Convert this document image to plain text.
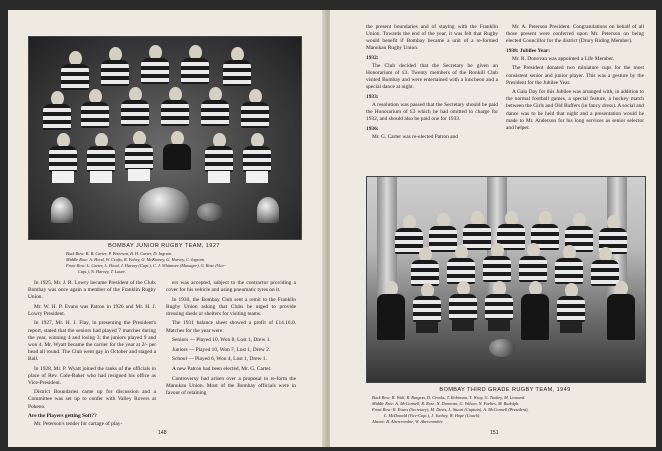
BOMBAY JUNIOR RUGBY TEAM, 1927
Back Row: B. B. Carter, P. Peterson, B. H. Carter, D. Ingram.
Middle Row: A. Hood, W. Crafts, R. Fahey, G. McKinney, G. Harvey, C. Ingram.
Front Row: L. Carter, L. Hood, J. Harvey (Capt.), C. J. Whitmore (Manager), G. Rose (Vice-
Capt.), N. Harvey, T. Lauer.

In 1925, Mr. J. R. Lowry became President of the Club. Bombay was once again a member of the Franklin Rugby Union.

Mr. W. H. P. Evans was Patron in 1926 and Mr. H. J. Lowry President.

In 1927, Mr. H. J. Flay, in presenting the President's report, stated that the seniors had played 7 matches during the year, winning 4 and losing 3; the juniors played 9 and won 4. Mr. Wyatt became the carrier for the year at 2/- per head all round. The Club went gay in October and staged a Ball.

In 1928, Mr. P. Wyatt joined the ranks of the officials in place of Rev. Cole-Baker who had resigned his office as Vice-President.

District Boundaries came up for discussion and a Committee was set up to confer with Valley Rovers at Pokeno.

Are the Players getting Soft??

Mr. Peterson's tender for cartage of play-

ers was accepted, subject to the contractor providing a cover for his vehicle and using pneumatic tyres on it.

In 1930, the Bombay Club sent a remit to the Franklin Rugby Union asking that Clubs be urged to provide dressing sheds or shelters for visiting teams.

The 1931 balance sheet showed a profit of £14.16.0. Matches for the year were:

Seniors — Played 10, Won 8, Lost 1, Drew 1.

Juniors — Played 10, Won 7, Lost 1, Drew 2.

School — Played 6, Won 4, Lost 1, Drew 1.

A new Patron had been elected, Mr. G. Carter.

Controversy had arisen over a proposal to re-form the Manukau Union. Most of the Bombay officials were in favour of retaining

148

the present boundaries and of staying with the Franklin Union. Towards the end of the year, it was felt that Rugby would benefit if Bombay became a unit of a re-formed Manukau Rugby Union.

1932:

The Club decided that the Secretary be given an Honorarium of £3. Twenty members of the Ronkill Club visited Bombay and were entertained with a luncheon and a special dance at night.

1933:

A resolution was passed that the Secretary should be paid the Honorarium of £3 which he had omitted to charge for 1932, and should also be paid one for 1933.

1936:

Mr. G. Carter was re-elected Patron and

Mr. A. Peterson President. Congratulations on behalf of all those present were conferred upon Mr. Peterson on being elected Councillor for the district (Drury Riding Member).

1938: Jubilee Year:

Mr. R. Donovan was appointed a Life Member.

The President donated two miniature cups for the most consistent senior and junior player. This was a gesture by the President for the Jubilee Year.

A Gala Day for this Jubilee was arranged with, in addition to the normal football games, a special feature, a hockey match between the Girls and Old Buffers (in fancy dress). A social and dance was to be held that night and a presentation would be made to Mr. Anderson for his long services as senior selector and helper.

BOMBAY THIRD GRADE RUGBY TEAM, 1949
Back Row: R. Wall, R. Burgess, D. Crooks, T. Robinson, T. Wray, G. Tuohey, M. Leonard.
Middle Row: A. McConnell, R. Rose, N. Donovan, G. Wilson, N. Forbes, M. Rudolph.
Front Row: R. Evans (Secretary), M. Davis, L. Stuart (Captain), A. McConnell (President),
L. McDonald (Vice-Capt.), J. Tuohey, W. Hope (Coach).
Absent: B. Abercrombie, W. Abercrombie.
151
